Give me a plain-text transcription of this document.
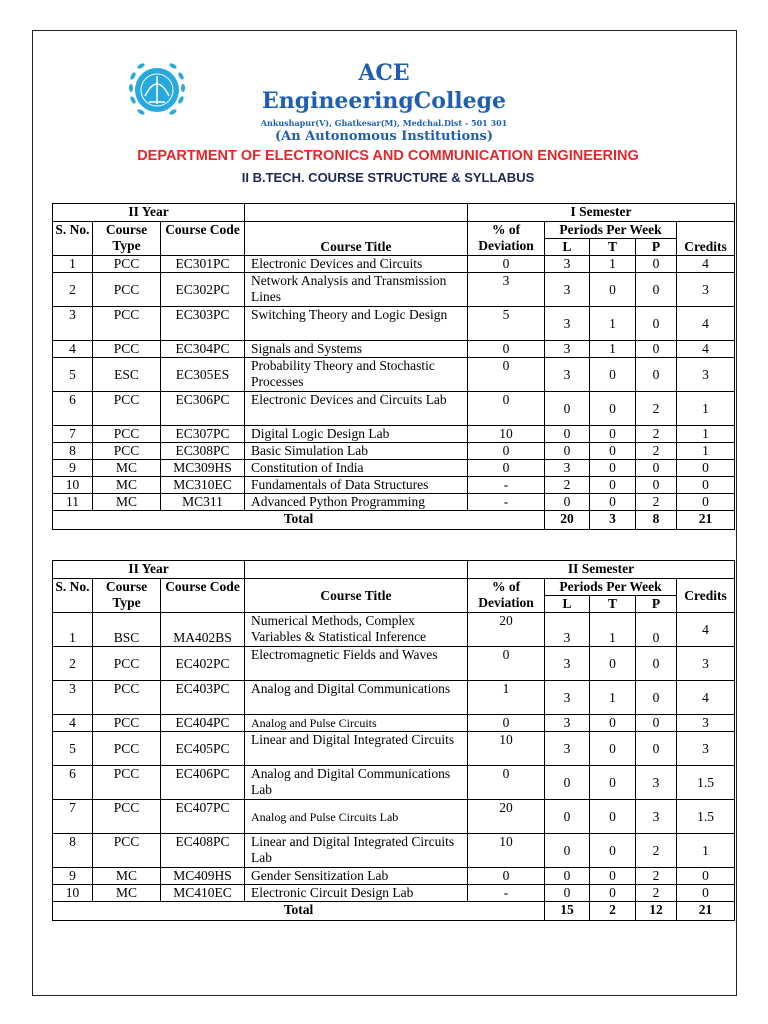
ACE
EngineeringCollege
Ankushapur(V), Ghatkesar(M), Medchal.Dist - 501 301
(An Autonomous Institutions)
DEPARTMENT OF ELECTRONICS AND COMMUNICATION ENGINEERING
II B.TECH. COURSE STRUCTURE & SYLLABUS
II Year				I Semester				
S. No.	Course Type	Course Code	Course Title	% of Deviation	Periods Per Week			Credits
					L	T	P	
1	PCC	EC301PC	Electronic Devices and Circuits	0	3	1	0	4
2	PCC	EC302PC	Network Analysis and Transmission Lines	3	3	0	0	3
3	PCC	EC303PC	Switching Theory and Logic Design	5	3	1	0	4
4	PCC	EC304PC	Signals and Systems	0	3	1	0	4
5	ESC	EC305ES	Probability Theory and Stochastic Processes	0	3	0	0	3
6	PCC	EC306PC	Electronic Devices and Circuits Lab	0	0	0	2	1
7	PCC	EC307PC	Digital Logic Design Lab	10	0	0	2	1
8	PCC	EC308PC	Basic Simulation Lab	0	0	0	2	1
9	MC	MC309HS	Constitution of India	0	3	0	0	0
10	MC	MC310EC	Fundamentals of Data Structures	-	2	0	0	0
11	MC	MC311	Advanced Python Programming	-	0	0	2	0
Total					20	3	8	21
II Year				II Semester				
S. No.	Course Type	Course Code	Course Title	% of Deviation	Periods Per Week			Credits
					L	T	P	
1	BSC	MA402BS	Numerical Methods, Complex Variables & Statistical Inference	20	3	1	0	4
2	PCC	EC402PC	Electromagnetic Fields and Waves	0	3	0	0	3
3	PCC	EC403PC	Analog and Digital Communications	1	3	1	0	4
4	PCC	EC404PC	Analog and Pulse Circuits	0	3	0	0	3
5	PCC	EC405PC	Linear and Digital Integrated Circuits	10	3	0	0	3
6	PCC	EC406PC	Analog and Digital Communications Lab	0	0	0	3	1.5
7	PCC	EC407PC	Analog and Pulse Circuits Lab	20	0	0	3	1.5
8	PCC	EC408PC	Linear and Digital Integrated Circuits Lab	10	0	0	2	1
9	MC	MC409HS	Gender Sensitization Lab	0	0	0	2	0
10	MC	MC410EC	Electronic Circuit Design Lab	-	0	0	2	0
Total					15	2	12	21
